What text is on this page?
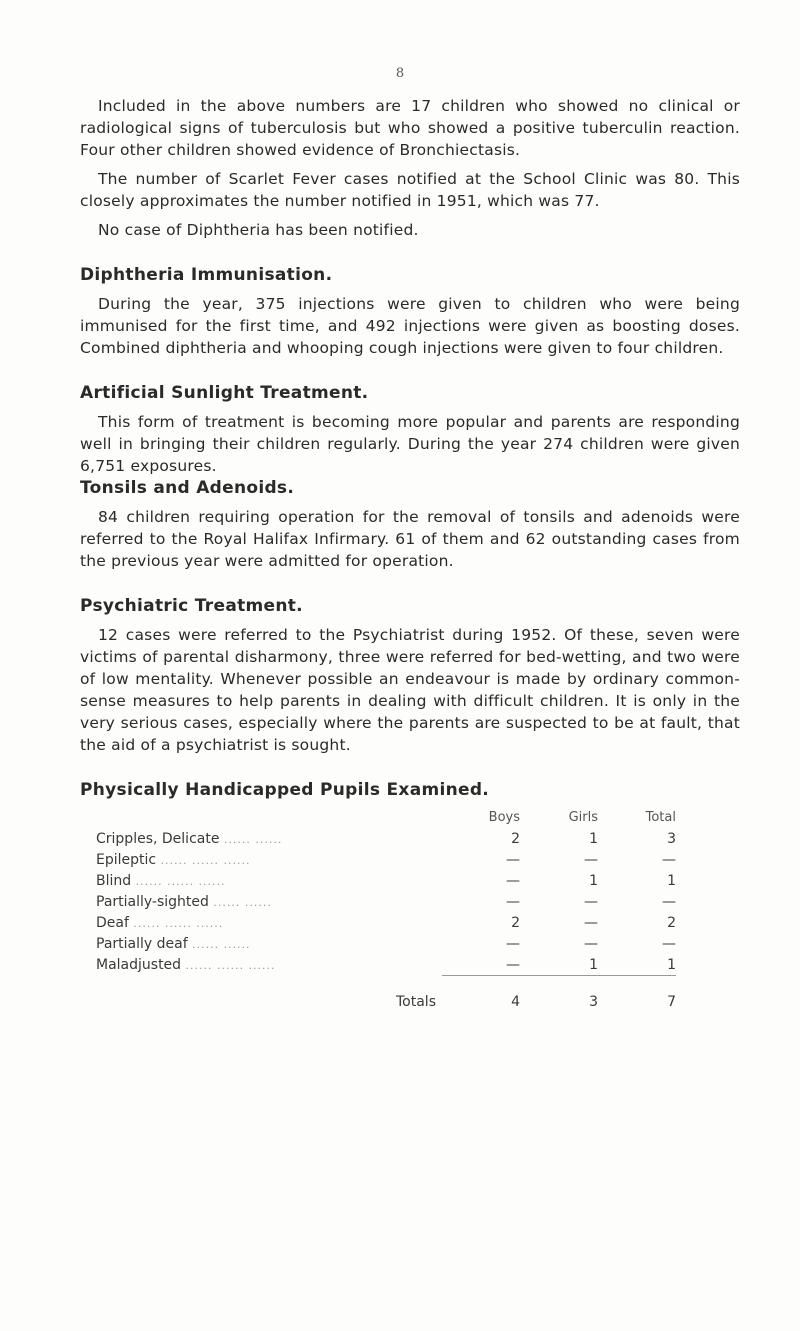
8

Included in the above numbers are 17 children who showed no clinical or radiological signs of tuberculosis but who showed a positive tuberculin reaction. Four other children showed evidence of Bronchiectasis.

The number of Scarlet Fever cases notified at the School Clinic was 80. This closely approximates the number notified in 1951, which was 77.

No case of Diphtheria has been notified.

Diphtheria Immunisation.

During the year, 375 injections were given to children who were being immunised for the first time, and 492 injections were given as boosting doses. Combined diphtheria and whooping cough injections were given to four children.

Artificial Sunlight Treatment.

This form of treatment is becoming more popular and parents are responding well in bringing their children regularly. During the year 274 children were given 6,751 exposures.

Tonsils and Adenoids.

84 children requiring operation for the removal of tonsils and adenoids were referred to the Royal Halifax Infirmary. 61 of them and 62 outstanding cases from the previous year were admitted for operation.

Psychiatric Treatment.

12 cases were referred to the Psychiatrist during 1952. Of these, seven were victims of parental disharmony, three were referred for bed-wetting, and two were of low mentality. Whenever possible an endeavour is made by ordinary common-sense measures to help parents in dealing with difficult children. It is only in the very serious cases, especially where the parents are suspected to be at fault, that the aid of a psychiatrist is sought.

Physically Handicapped Pupils Examined.
	Boys	Girls	Total
Cripples, Delicate ...... ......	2	1	3
Epileptic ...... ...... ......	—	—	—
Blind ...... ...... ......	—	1	1
Partially-sighted ...... ......	—	—	—
Deaf ...... ...... ......	2	—	2
Partially deaf ...... ......	—	—	—
Maladjusted ...... ...... ......	—	1	1

Totals	4	3	7
